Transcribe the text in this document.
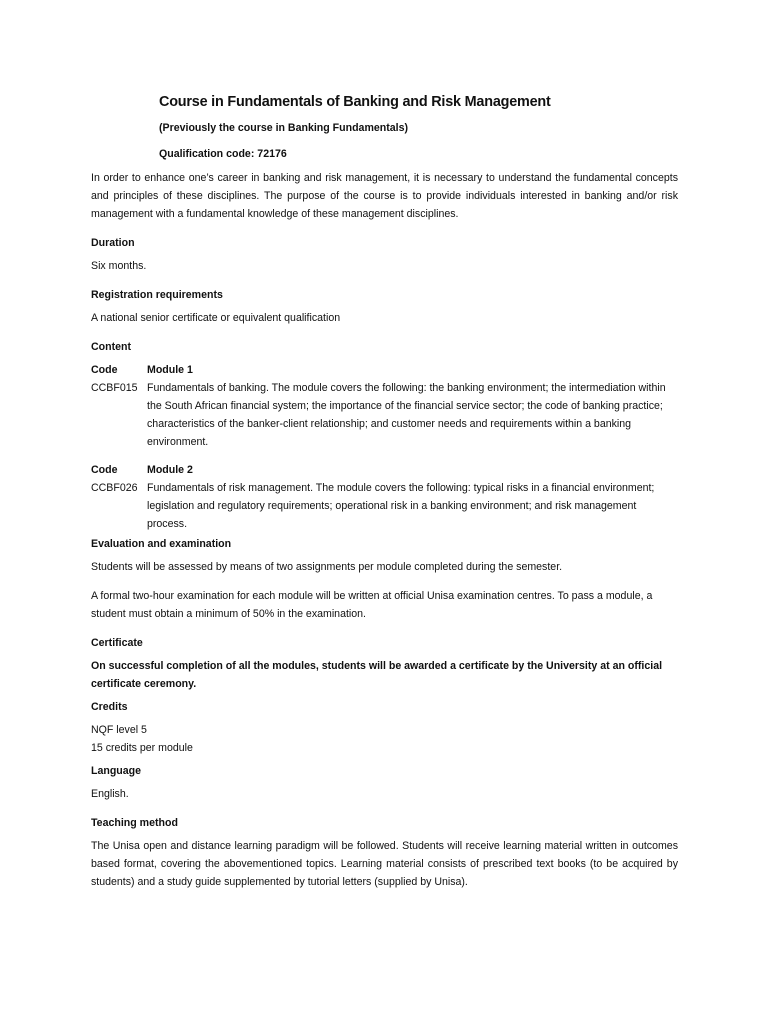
Course in Fundamentals of Banking and Risk Management

(Previously the course in Banking Fundamentals)

Qualification code: 72176

In order to enhance one’s career in banking and risk management, it is necessary to understand the fundamental concepts and principles of these disciplines. The purpose of the course is to provide individuals interested in banking and/or risk management with a fundamental knowledge of these management disciplines.

Duration

Six months.

Registration requirements

A national senior certificate or equivalent qualification

Content

Code	Module 1
CCBF015 Fundamentals of banking. The module covers the following: the banking environment; the intermediation within the South African financial system; the importance of the financial service sector; the code of banking practice; characteristics of the banker-client relationship; and customer needs and requirements within a banking environment.
Code	Module 2
CCBF026 Fundamentals of risk management. The module covers the following: typical risks in a financial environment; legislation and regulatory requirements; operational risk in a banking environment; and risk management process.

Evaluation and examination

Students will be assessed by means of two assignments per module completed during the semester.

A formal two-hour examination for each module will be written at official Unisa examination centres. To pass a module, a student must obtain a minimum of 50% in the examination.

Certificate

On successful completion of all the modules, students will be awarded a certificate by the University at an official certificate ceremony.

Credits

NQF level 5

15 credits per module

Language

English.

Teaching method

The Unisa open and distance learning paradigm will be followed. Students will receive learning material written in outcomes based format, covering the abovementioned topics. Learning material consists of prescribed text books (to be acquired by students) and a study guide supplemented by tutorial letters (supplied by Unisa).
